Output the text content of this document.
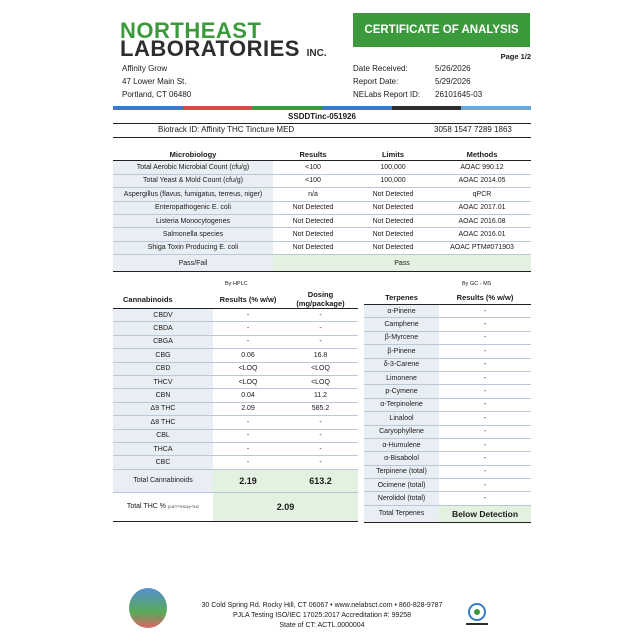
NORTHEAST
LABORATORIES INC.
CERTIFICATE OF ANALYSIS
Page 1/2
Affinity Grow
47 Lower Main St.
Portland, CT 06480
Date Received:	5/26/2026
Report Date:	5/29/2026
NELabs Report ID: 26101645-03
SSDDTinc-051926
Biotrack ID: Affinity THC Tincture MED	3058 1547 7289 1863
Microbiology	Results	Limits	Methods
Total Aerobic Microbial Count (cfu/g)	<100	100,000	AOAC 990.12
Total Yeast & Mold Count (cfu/g)	<100	100,000	AOAC 2014.05
Aspergillus (flavus, fumigatus, terreus, niger)	n/a	Not Detected	qPCR
Enteropathogenic E. coli	Not Detected	Not Detected	AOAC 2017.01
Listeria Monocytogenes	Not Detected	Not Detected	AOAC 2016.08
Salmonella species	Not Detected	Not Detected	AOAC 2016.01
Shiga Toxin Producing E. coli	Not Detected	Not Detected	AOAC PTM#071903
Pass/Fail	Pass		
By HPLC	By GC - MS
Cannabinoids	Results (% w/w)	Dosing (mg/package)
CBDV	-	-
CBDA	-	-
CBGA	-	-
CBG	0.06	16.8
CBD	<LOQ	<LOQ
THCV	<LOQ	<LOQ
CBN	0.04	11.2
Δ9 THC	2.09	585.2
Δ8 THC	-	-
CBL	-	-
THCA	-	-
CBC	-	-
Total Cannabinoids	2.19	613.2
Total THC % (0.877*THCA)+THC	2.09	
Terpenes	Results (% w/w)
α-Pinene	-
Camphene	-
β-Myrcene	-
β-Pinene	-
δ-3-Carene	-
Limonene	-
p-Cymene	-
α-Terpinolene	-
Linalool	-
Caryophyllene	-
α-Humulene	-
α-Bisabolol	-
Terpinene (total)	-
Ocimene (total)	-
Nerolidol (total)	-
Total Terpenes	Below Detection
30 Cold Spring Rd. Rocky Hill, CT 06067 • www.nelabsct.com • 860-828-9787
PJLA Testing ISO/IEC 17025:2017 Accreditation #: 99258
State of CT: ACTL.0000004
